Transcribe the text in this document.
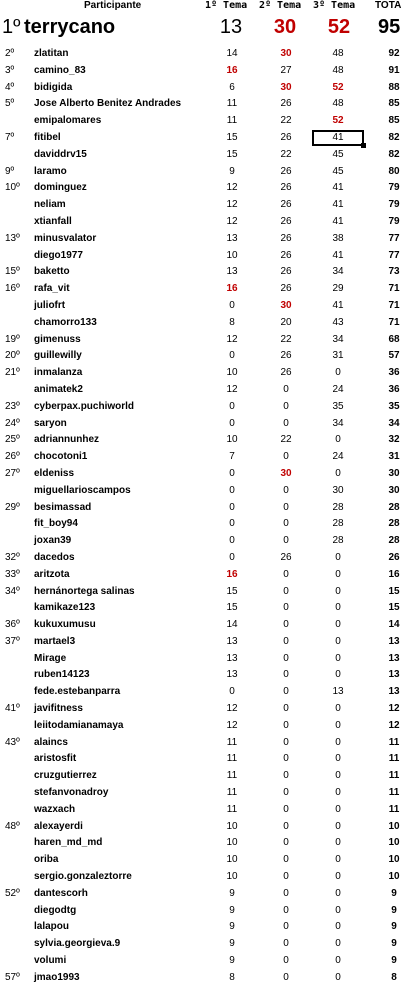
Participante	1º Tema 2º Tema 3º Tema TOTA
1º terrycano	13	30	52	95
2º zlatitan	14	30	48	92
3º camino_83	16	27	48	91
4º bidigida	6	30	52	88
5º Jose Alberto Benitez Andrades	11	26	48	85
emipalomares	11	22	52	85
7º fitibel	15	26	41	82
daviddrv15	15	22	45	82
9º laramo	9	26	45	80
10º dominguez	12	26	41	79
neliam	12	26	41	79
xtianfall	12	26	41	79
13º minusvalator	13	26	38	77
diego1977	10	26	41	77
15º baketto	13	26	34	73
16º rafa_vit	16	26	29	71
juliofrt	0	30	41	71
chamorro133	8	20	43	71
19º gimenuss	12	22	34	68
20º guillewilly	0	26	31	57
21º inmalanza	10	26	0	36
animatek2	12	0	24	36
23º cyberpax.puchiworld	0	0	35	35
24º saryon	0	0	34	34
25º adriannunhez	10	22	0	32
26º chocotoni1	7	0	24	31
27º eldeniss	0	30	0	30
miguellarioscampos	0	0	30	30
29º besimassad	0	0	28	28
fit_boy94	0	0	28	28
joxan39	0	0	28	28
32º dacedos	0	26	0	26
33º aritzota	16	0	0	16
34º hernánortega salinas	15	0	0	15
kamikaze123	15	0	0	15
36º kukuxumusu	14	0	0	14
37º martael3	13	0	0	13
Mirage	13	0	0	13
ruben14123	13	0	0	13
fede.estebanparra	0	0	13	13
41º javifitness	12	0	0	12
leiitodamianamaya	12	0	0	12
43º alaincs	11	0	0	11
aristosfit	11	0	0	11
cruzgutierrez	11	0	0	11
stefanvonadroy	11	0	0	11
wazxach	11	0	0	11
48º alexayerdi	10	0	0	10
haren_md_md	10	0	0	10
oriba	10	0	0	10
sergio.gonzaleztorre	10	0	0	10
52º dantescorh	9	0	0	9
diegodtg	9	0	0	9
lalapou	9	0	0	9
sylvia.georgieva.9	9	0	0	9
volumi	9	0	0	9
57º jmao1993	8	0	0	8
